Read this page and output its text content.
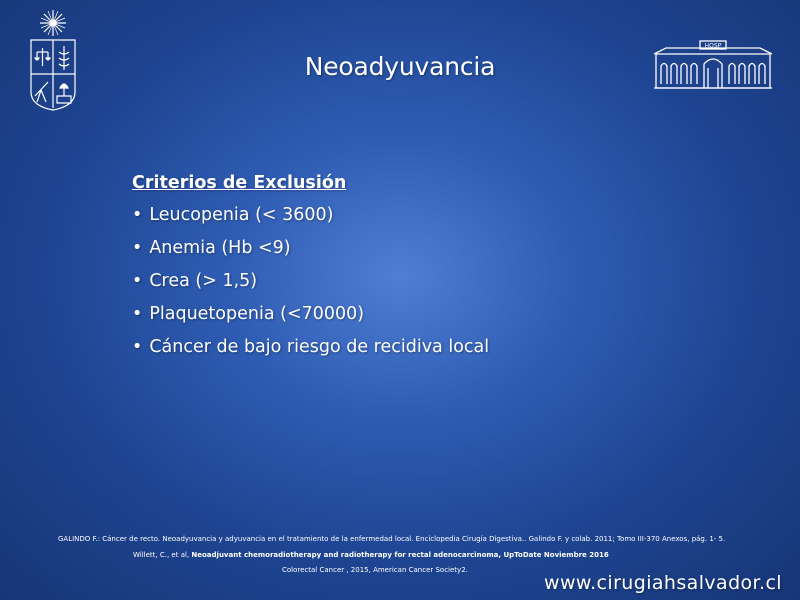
HOSP
Neoadyuvancia
Criterios de Exclusión
• Leucopenia (< 3600)
• Anemia (Hb <9)
• Crea (> 1,5)
• Plaquetopenia (<70000)
• Cáncer de bajo riesgo de recidiva local
GALINDO F.: Cáncer de recto. Neoadyuvancia y adyuvancia en el tratamiento de la enfermedad local. Enciclopedia Cirugía Digestiva.. Galindo F. y colab. 2011; Tomo III-370 Anexos, pág. 1- 5.
Willett, C., et al, Neoadjuvant chemoradiotherapy and radiotherapy for rectal adenocarcinoma, UpToDate Noviembre 2016
Colorectal Cancer , 2015, American Cancer Society2.
www.cirugiahsalvador.cl
